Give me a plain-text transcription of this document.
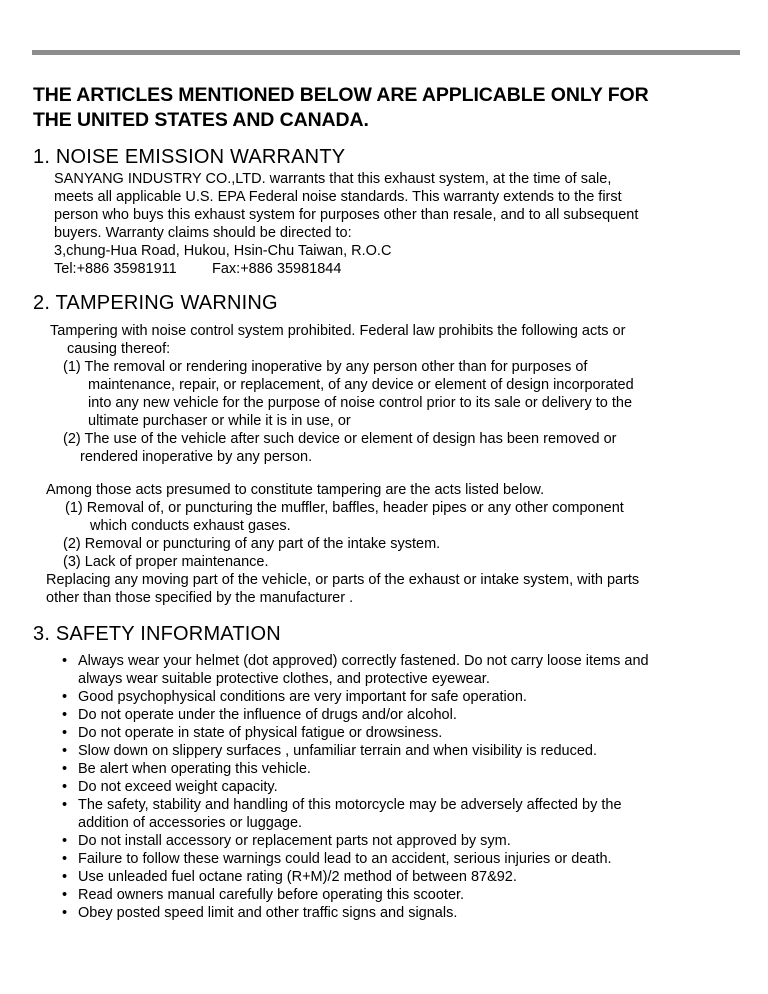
THE ARTICLES MENTIONED BELOW ARE APPLICABLE ONLY FOR
THE UNITED STATES AND CANADA.
1. NOISE EMISSION WARRANTY

SANYANG INDUSTRY CO.,LTD. warrants that this exhaust system, at the time of sale,

meets all applicable U.S. EPA Federal noise standards. This warranty extends to the first

person who buys this exhaust system for purposes other than resale, and to all subsequent

buyers. Warranty claims should be directed to:

3,chung-Hua Road, Hukou, Hsin-Chu Taiwan, R.O.C

Tel:+886 35981911 Fax:+886 35981844

2. TAMPERING WARNING

Tampering with noise control system prohibited. Federal law prohibits the following acts or

causing thereof:

(1) The removal or rendering inoperative by any person other than for purposes of

maintenance, repair, or replacement, of any device or element of design incorporated

into any new vehicle for the purpose of noise control prior to its sale or delivery to the

ultimate purchaser or while it is in use, or

(2) The use of the vehicle after such device or element of design has been removed or

rendered inoperative by any person.

Among those acts presumed to constitute tampering are the acts listed below.

(1) Removal of, or puncturing the muffler, baffles, header pipes or any other component

which conducts exhaust gases.

(2) Removal or puncturing of any part of the intake system.

(3) Lack of proper maintenance.

Replacing any moving part of the vehicle, or parts of the exhaust or intake system, with parts

other than those specified by the manufacturer .

3. SAFETY INFORMATION
• Always wear your helmet (dot approved) correctly fastened. Do not carry loose items and

always wear suitable protective clothes, and protective eyewear.

• Good psychophysical conditions are very important for safe operation.

• Do not operate under the influence of drugs and/or alcohol.

• Do not operate in state of physical fatigue or drowsiness.

• Slow down on slippery surfaces , unfamiliar terrain and when visibility is reduced.

• Be alert when operating this vehicle.

• Do not exceed weight capacity.

• The safety, stability and handling of this motorcycle may be adversely affected by the

addition of accessories or luggage.

• Do not install accessory or replacement parts not approved by sym.

• Failure to follow these warnings could lead to an accident, serious injuries or death.

• Use unleaded fuel octane rating (R+M)/2 method of between 87&92.

• Read owners manual carefully before operating this scooter.

• Obey posted speed limit and other traffic signs and signals.
